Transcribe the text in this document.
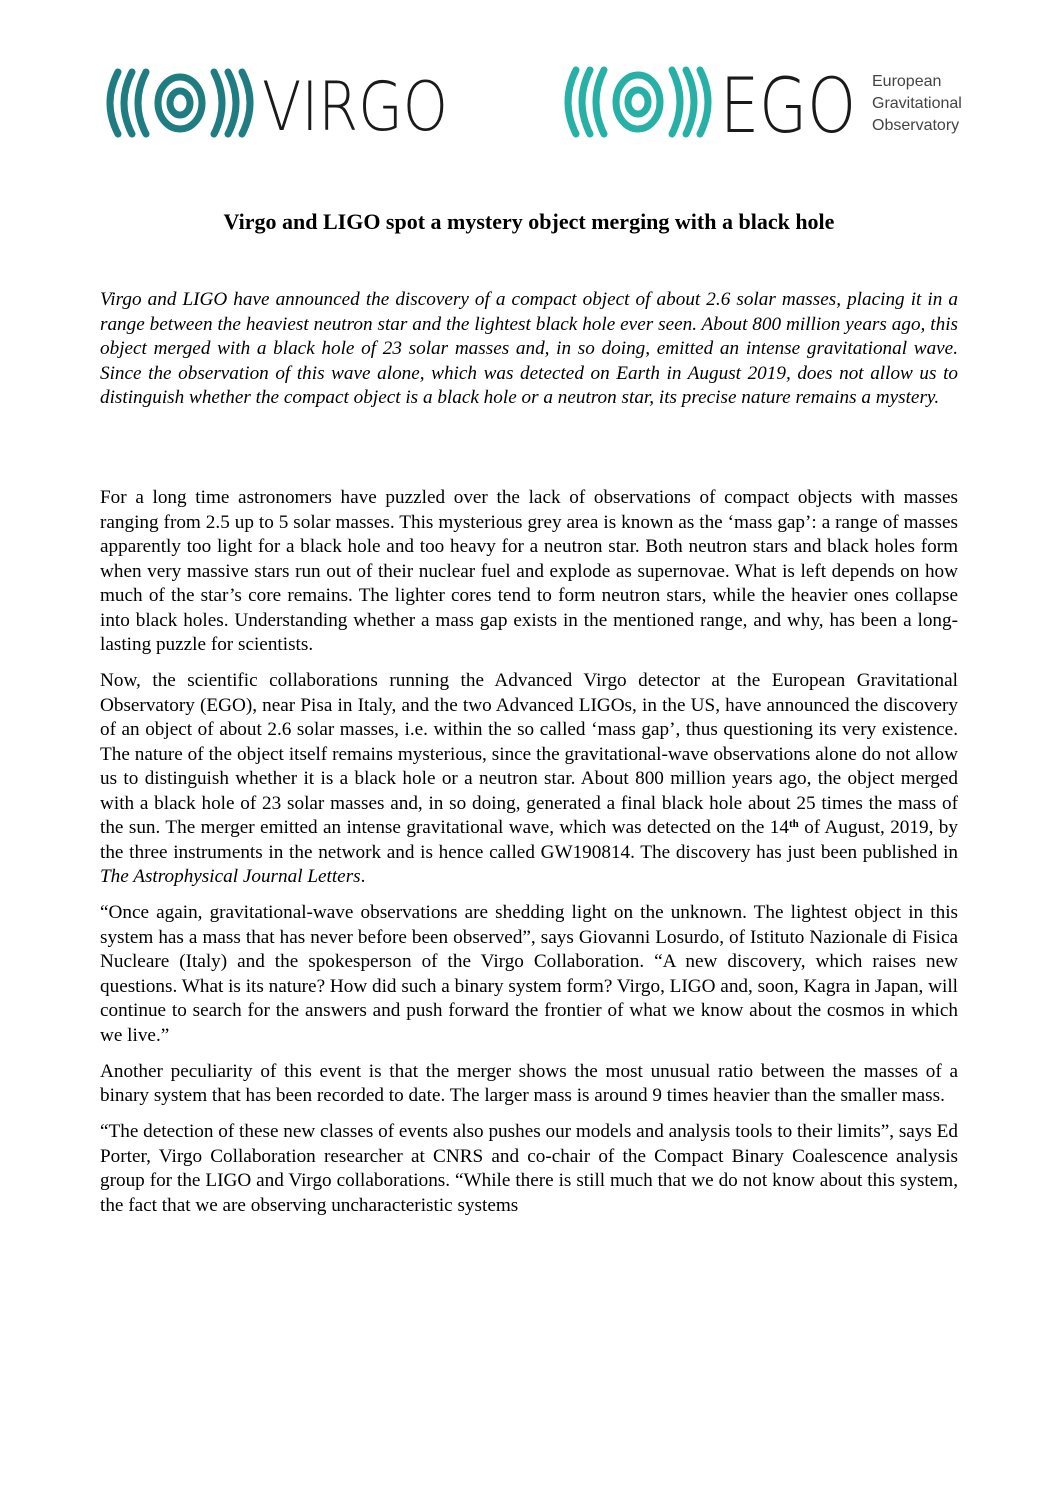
VIRGO	EGO European
Gravitational
Observatory
Virgo and LIGO spot a mystery object merging with a black hole

Virgo and LIGO have announced the discovery of a compact object of about 2.6 solar masses, placing it in a range between the heaviest neutron star and the lightest black hole ever seen. About 800 million years ago, this object merged with a black hole of 23 solar masses and, in so doing, emitted an intense gravitational wave. Since the observation of this wave alone, which was detected on Earth in August 2019, does not allow us to distinguish whether the compact object is a black hole or a neutron star, its precise nature remains a mystery.

For a long time astronomers have puzzled over the lack of observations of compact objects with masses ranging from 2.5 up to 5 solar masses. This mysterious grey area is known as the ‘mass gap’: a range of masses apparently too light for a black hole and too heavy for a neutron star. Both neutron stars and black holes form when very massive stars run out of their nuclear fuel and explode as supernovae. What is left depends on how much of the star’s core remains. The lighter cores tend to form neutron stars, while the heavier ones collapse into black holes. Understanding whether a mass gap exists in the mentioned range, and why, has been a long-lasting puzzle for scientists.

Now, the scientific collaborations running the Advanced Virgo detector at the European Gravitational Observatory (EGO), near Pisa in Italy, and the two Advanced LIGOs, in the US, have announced the discovery of an object of about 2.6 solar masses, i.e. within the so called ‘mass gap’, thus questioning its very existence. The nature of the object itself remains mysterious, since the gravitational-wave observations alone do not allow us to distinguish whether it is a black hole or a neutron star. About 800 million years ago, the object merged with a black hole of 23 solar masses and, in so doing, generated a final black hole about 25 times the mass of the sun. The merger emitted an intense gravitational wave, which was detected on the 14th of August, 2019, by the three instruments in the network and is hence called GW190814. The discovery has just been published in The Astrophysical Journal Letters.

“Once again, gravitational-wave observations are shedding light on the unknown. The lightest object in this system has a mass that has never before been observed”, says Giovanni Losurdo, of Istituto Nazionale di Fisica Nucleare (Italy) and the spokesperson of the Virgo Collaboration. “A new discovery, which raises new questions. What is its nature? How did such a binary system form? Virgo, LIGO and, soon, Kagra in Japan, will continue to search for the answers and push forward the frontier of what we know about the cosmos in which we live.”

Another peculiarity of this event is that the merger shows the most unusual ratio between the masses of a binary system that has been recorded to date. The larger mass is around 9 times heavier than the smaller mass.

“The detection of these new classes of events also pushes our models and analysis tools to their limits”, says Ed Porter, Virgo Collaboration researcher at CNRS and co-chair of the Compact Binary Coalescence analysis group for the LIGO and Virgo collaborations. “While there is still much that we do not know about this system, the fact that we are observing uncharacteristic systems
